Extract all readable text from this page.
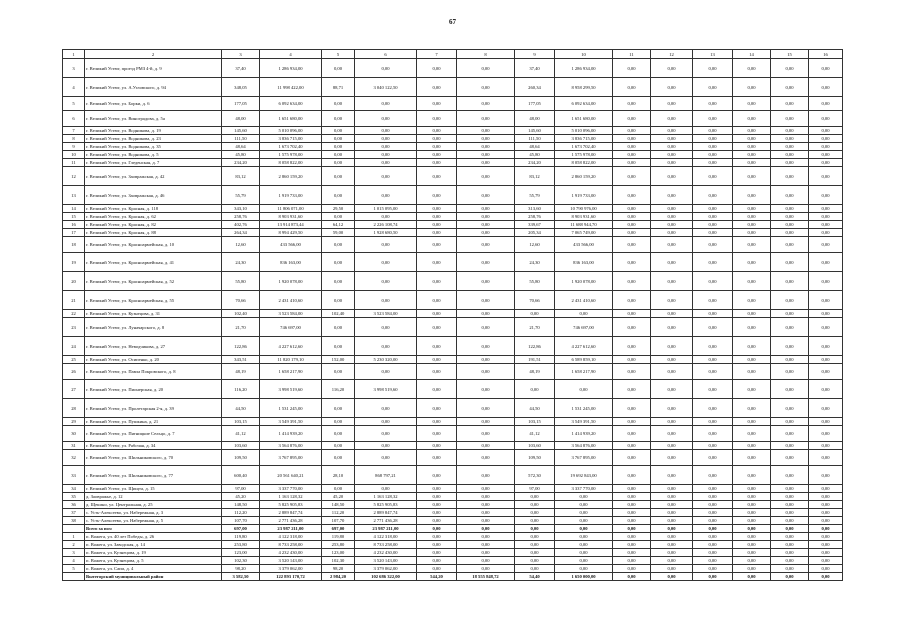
67
1	2	3	4	5	6	7	8	9	10	11	12	13	14	15	16
3	г. Великий Устюг, проезд РМЗ 4-й, д. 9	37,40	1 286 934,00	0,00	0,00	0,00	0,00	37,40	1 286 934,00	0,00	0,00	0,00	0,00	0,00	0,00
4	г. Великий Устюг, ул. А.Угловского, д. 94	348,05	11 998 422,00	88,71	3 040 122,50	0,00	0,00	260,34	8 958 299,50	0,00	0,00	0,00	0,00	0,00	0,00
5	г. Великий Устюг, ул. Борки, д. 6	177,05	6 092 634,00	0,00	0,00	0,00	0,00	177,05	6 092 634,00	0,00	0,00	0,00	0,00	0,00	0,00
6	г. Великий Устюг, ул. Виноградова, д. 5а	48,00	1 651 680,00	0,00	0,00	0,00	0,00	48,00	1 651 680,00	0,00	0,00	0,00	0,00	0,00	0,00
7	г. Великий Устюг, ул. Водникова, д. 19	145,60	5 010 096,00	0,00	0,00	0,00	0,00	145,60	5 010 096,00	0,00	0,00	0,00	0,00	0,00	0,00
8	г. Великий Устюг, ул. Водникова, д. 23	111,50	3 836 715,00	0,00	0,00	0,00	0,00	111,50	3 836 715,00	0,00	0,00	0,00	0,00	0,00	0,00
9	г. Великий Устюг, ул. Водникова, д. 35	48,64	1 673 702,40	0,00	0,00	0,00	0,00	48,64	1 673 702,40	0,00	0,00	0,00	0,00	0,00	0,00
10	г. Великий Устюг, ул. Водникова, д. 5	45,80	1 575 978,00	0,00	0,00	0,00	0,00	45,80	1 575 978,00	0,00	0,00	0,00	0,00	0,00	0,00
11	г. Великий Устюг, ул. Гледенская, д. 7	234,20	8 058 822,00	0,00	0,00	0,00	0,00	234,20	8 058 822,00	0,00	0,00	0,00	0,00	0,00	0,00
12	г. Великий Устюг, ул. Заовражская, д. 42	83,12	2 860 159,20	0,00	0,00	0,00	0,00	83,12	2 860 159,20	0,00	0,00	0,00	0,00	0,00	0,00
13	г. Великий Устюг, ул. Заовражская, д. 46	55,79	1 919 733,00	0,00	0,00	0,00	0,00	55,79	1 919 733,00	0,00	0,00	0,00	0,00	0,00	0,00
14	г. Великий Устюг, ул. Красная, д. 118	343,10	11 806 071,00	29,50	1 015 095,00	0,00	0,00	313,60	10 790 976,00	0,00	0,00	0,00	0,00	0,00	0,00
15	г. Великий Устюг, ул. Красная, д. 62	258,76	8 903 931,60	0,00	0,00	0,00	0,00	258,76	8 903 931,60	0,00	0,00	0,00	0,00	0,00	0,00
16	г. Великий Устюг, ул. Красная, д. 82	402,76	13 914 873,44	64,12	2 226 108,74	0,00	0,00	339,67	11 688 944,70	0,00	0,00	0,00	0,00	0,00	0,00
17	г. Великий Устюг, ул. Красная, д. 88	264,34	8 994 429,50	59,00	1 928 680,50	0,00	0,00	205,34	7 065 749,00	0,00	0,00	0,00	0,00	0,00	0,00
18	г. Великий Устюг, ул. Красноармейская, д. 10	12,60	433 566,00	0,00	0,00	0,00	0,00	12,60	433 566,00	0,00	0,00	0,00	0,00	0,00	0,00
19	г. Великий Устюг, ул. Красноармейская, д. 41	24,30	836 163,00	0,00	0,00	0,00	0,00	24,30	836 163,00	0,00	0,00	0,00	0,00	0,00	0,00
20	г. Великий Устюг, ул. Красноармейская, д. 52	55,80	1 920 078,00	0,00	0,00	0,00	0,00	55,80	1 920 078,00	0,00	0,00	0,00	0,00	0,00	0,00
21	г. Великий Устюг, ул. Красноармейская, д. 55	70,66	2 431 410,60	0,00	0,00	0,00	0,00	70,66	2 431 410,60	0,00	0,00	0,00	0,00	0,00	0,00
22	г. Великий Устюг, ул. Кузнецова, д. 31	102,40	3 523 584,00	102,40	3 523 584,00	0,00	0,00	0,00	0,00	0,00	0,00	0,00	0,00	0,00	0,00
23	г. Великий Устюг, ул. Луначарского, д. 8	21,70	746 697,00	0,00	0,00	0,00	0,00	21,70	746 697,00	0,00	0,00	0,00	0,00	0,00	0,00
24	г. Великий Устюг, ул. Неводчикова, д. 27	122,86	4 227 612,60	0,00	0,00	0,00	0,00	122,86	4 227 612,60	0,00	0,00	0,00	0,00	0,00	0,00
25	г. Великий Устюг, ул. Осипенко, д. 20	343,51	11 820 179,10	152,00	5 230 320,00	0,00	0,00	191,51	6 589 859,10	0,00	0,00	0,00	0,00	0,00	0,00
26	г. Великий Устюг, ул. Павла Покровского, д. 8	48,19	1 658 217,90	0,00	0,00	0,00	0,00	48,19	1 658 217,90	0,00	0,00	0,00	0,00	0,00	0,00
27	г. Великий Устюг, ул. Пионерская, д. 20	116,20	3 998 519,60	116,20	3 998 519,60	0,00	0,00	0,00	0,00	0,00	0,00	0,00	0,00	0,00	0,00
28	г. Великий Устюг, ул. Пролетарская 2-я, д. 39	44,50	1 531 245,00	0,00	0,00	0,00	0,00	44,50	1 531 245,00	0,00	0,00	0,00	0,00	0,00	0,00
29	г. Великий Устюг, ул. Пушкина, д. 21	103,15	3 549 391,50	0,00	0,00	0,00	0,00	103,15	3 549 391,50	0,00	0,00	0,00	0,00	0,00	0,00
30	г. Великий Устюг, ул. Пятницкие Сельцо, д. 7	41,12	1 414 939,20	0,00	0,00	0,00	0,00	41,12	1 414 939,20	0,00	0,00	0,00	0,00	0,00	0,00
31	г. Великий Устюг, ул. Рабочая, д. 34	103,60	3 564 876,00	0,00	0,00	0,00	0,00	103,60	3 564 876,00	0,00	0,00	0,00	0,00	0,00	0,00
32	г. Великий Устюг, ул. Шильниковского, д. 70	109,50	3 767 895,00	0,00	0,00	0,00	0,00	109,50	3 767 895,00	0,00	0,00	0,00	0,00	0,00	0,00
33	г. Великий Устюг, ул. Шильниковского, д. 77	600,40	20 561 640,21	28,10	868 797,21	0,00	0,00	572,30	19 692 843,00	0,00	0,00	0,00	0,00	0,00	0,00
34	г. Великий Устюг, ул. Щищта, д. 15	97,00	3 337 770,00	0,00	0,00	0,00	0,00	97,00	3 337 770,00	0,00	0,00	0,00	0,00	0,00	0,00
35	д. Заовражье, д. 12	45,20	1 163 128,32	45,20	1 163 128,32	0,00	0,00	0,00	0,00	0,00	0,00	0,00	0,00	0,00	0,00
36	д. Щекино, ул. Центральная, д. 25	148,50	5 825 905,83	148,50	5 825 905,83	0,00	0,00	0,00	0,00	0,00	0,00	0,00	0,00	0,00	0,00
37	с. Усть-Алексеево, ул. Набережная, д. 3	112,20	2 889 847,74	112,20	2 889 847,74	0,00	0,00	0,00	0,00	0,00	0,00	0,00	0,00	0,00	0,00
38	с. Усть-Алексеево, ул. Набережная, д. 5	107,70	2 771 436,28	107,70	2 771 436,28	0,00	0,00	0,00	0,00	0,00	0,00	0,00	0,00	0,00	0,00
	Всего за поз:	697,00	23 987 211,00	697,00	23 987 211,00	0,00	0,00	0,00	0,00	0,00	0,00	0,00	0,00	0,00	0,00
1	п. Вожега, ул. 40 лет Победы, д. 26	119,80	4 122 318,00	119,80	4 122 318,00	0,00	0,00	0,00	0,00	0,00	0,00	0,00	0,00	0,00	0,00
2	п. Вожега, ул. Заводская, д. 14	253,80	8 733 258,00	253,80	8 733 258,00	0,00	0,00	0,00	0,00	0,00	0,00	0,00	0,00	0,00	0,00
3	п. Вожега, ул. Кузнецова, д. 19	123,00	4 232 430,00	123,00	4 232 430,00	0,00	0,00	0,00	0,00	0,00	0,00	0,00	0,00	0,00	0,00
4	п. Вожега, ул. Кузнецова, д. 5	102,30	3 520 143,00	102,30	3 520 143,00	0,00	0,00	0,00	0,00	0,00	0,00	0,00	0,00	0,00	0,00
5	п. Вожега, ул. Сапи, д. 4	98,20	3 379 062,00	98,20	3 379 062,00	0,00	0,00	0,00	0,00	0,00	0,00	0,00	0,00	0,00	0,00
	Вытегорский муниципальный район	3 582,50	122 893 170,72	2 984,20	102 686 322,00	544,20	18 555 848,72	54,40	1 650 000,00	0,00	0,00	0,00	0,00	0,00	0,00
